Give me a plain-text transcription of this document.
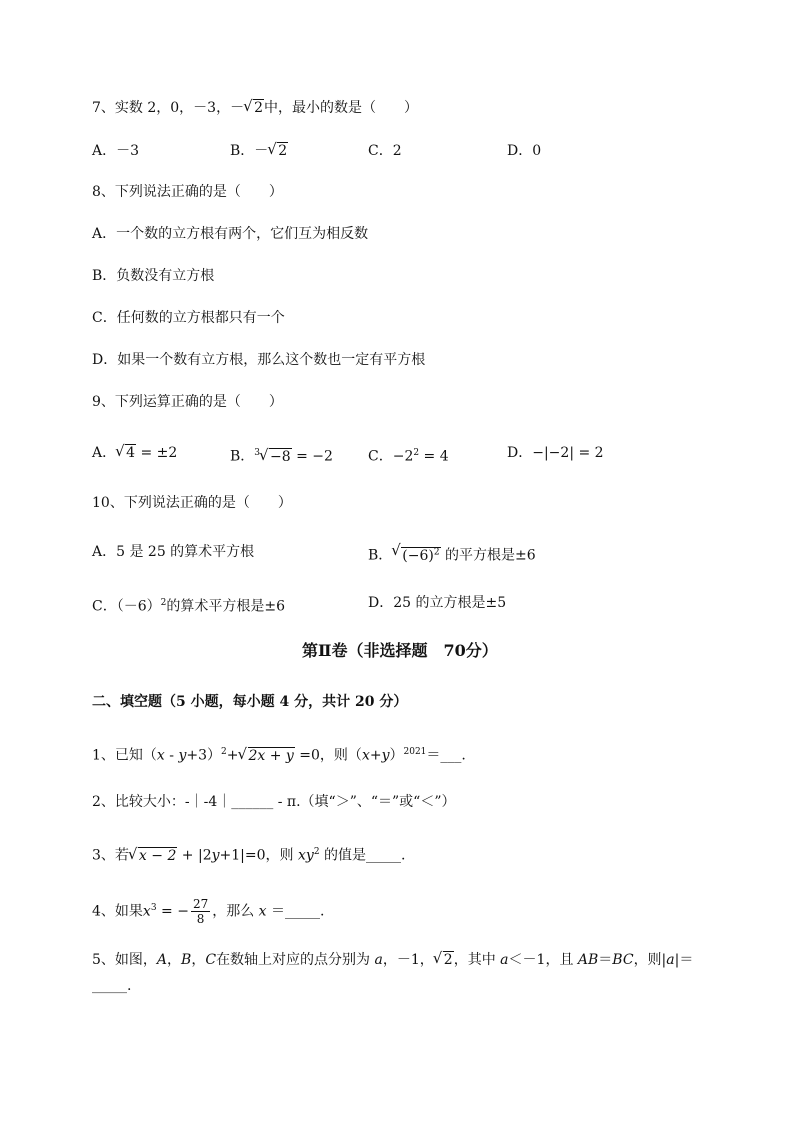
7、实数 2，0，－3，－√ 2中，最小的数是（　　）
A．－3	B．－√ 2	C．2	D．0
8、下列说法正确的是（　　）
A．一个数的立方根有两个，它们互为相反数
B．负数没有立方根
C．任何数的立方根都只有一个
D．如果一个数有立方根，那么这个数也一定有平方根
9、下列运算正确的是（　　）
A．√ 4 = ±2	B．$^3$√ −8 = −2	C．$-2^2 = 4$	D．−|−2| = 2
10、下列说法正确的是（　　）
A．5 是 25 的算术平方根	B．√ $(-6)^2$ 的平方根是±6
C．$(-6)^2$的算术平方根是±6	D．25 的立方根是±5
第Ⅱ卷（非选择题　70分）
二、填空题（5 小题，每小题 4 分，共计 20 分）
1、已知$(x - y+3)^2+√$ 2x + y =0，则$(x+y)^{2021}=\_\_\_$.
2、比较大小：-｜-4｜______ - π.（填“＞”、“＝”或“＜”）
3、若√ x − 2 + |2y+1|=0，则 $xy^2$ 的值是_____.
4、如果$x^3$ = − $\frac{27}{8}$ ，那么 x ＝_____.
5、如图，A，B，C在数轴上对应的点分别为 a，－1，√ 2，其中 a＜－1，且 AB＝BC，则|a|＝
_____.
